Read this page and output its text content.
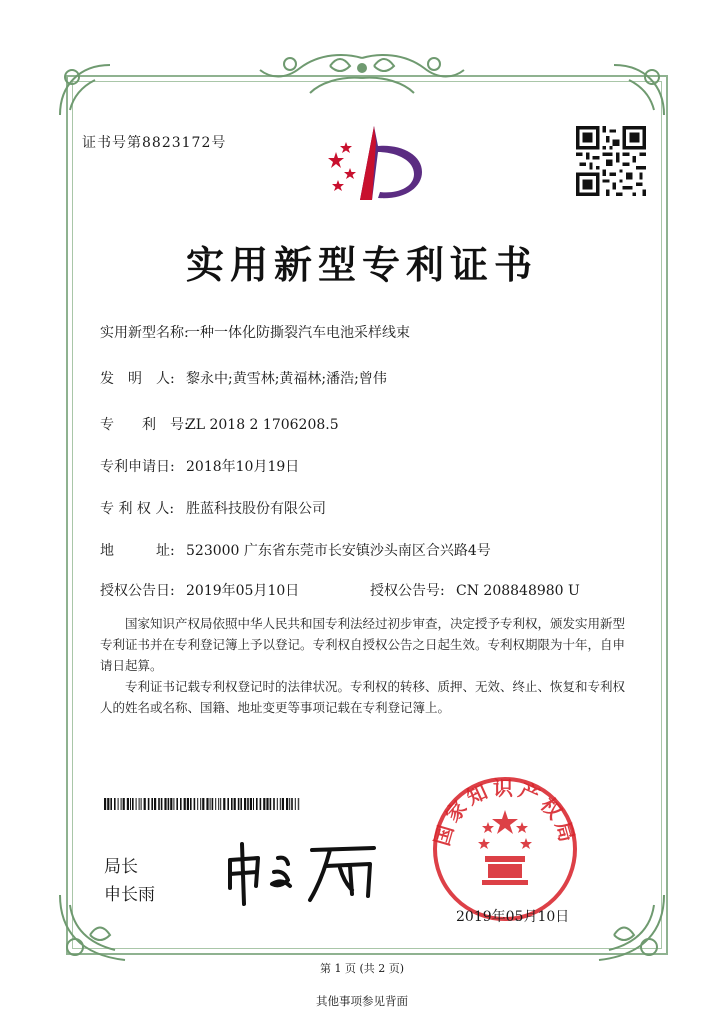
证书号第8823172号
实用新型专利证书
实用新型名称:一种一体化防撕裂汽车电池采样线束
发　明　人: 黎永中;黄雪林;黄福林;潘浩;曾伟
专　　利　号:ZL 2018 2 1706208.5
专利申请日: 2018年10月19日
专 利 权 人: 胜蓝科技股份有限公司
地　　　址: 523000 广东省东莞市长安镇沙头南区合兴路4号
授权公告日: 2019年05月10日	授权公告号: CN 208848980 U
国家知识产权局依照中华人民共和国专利法经过初步审查，决定授予专利权，颁发实用新型专利证书并在专利登记簿上予以登记。专利权自授权公告之日起生效。专利权期限为十年，自申请日起算。
专利证书记载专利权登记时的法律状况。专利权的转移、质押、无效、终止、恢复和专利权人的姓名或名称、国籍、地址变更等事项记载在专利登记簿上。
局长
申长雨
国家知识产权局
2019年05月10日
第 1 页 (共 2 页)
其他事项参见背面
